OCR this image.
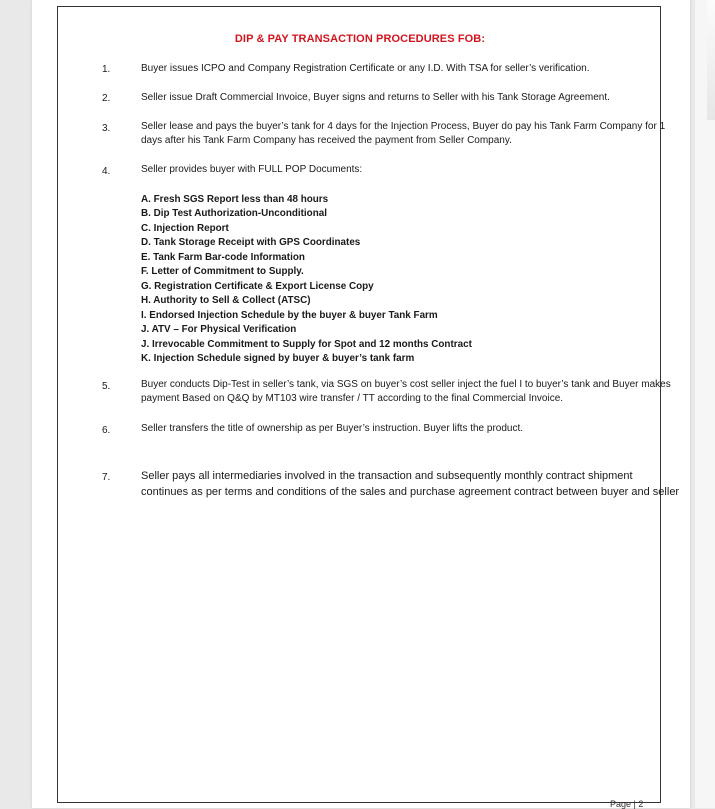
DIP & PAY TRANSACTION PROCEDURES FOB:
1.	Buyer issues ICPO and Company Registration Certificate or any I.D. With TSA for seller’s verification.
2.	Seller issue Draft Commercial Invoice, Buyer signs and returns to Seller with his Tank Storage Agreement.
3.	Seller lease and pays the buyer’s tank for 4 days for the Injection Process, Buyer do pay his Tank Farm Company for 1 days after his Tank Farm Company has received the payment from Seller Company.
4.	Seller provides buyer with FULL POP Documents:
A. Fresh SGS Report less than 48 hours
B. Dip Test Authorization-Unconditional
C. Injection Report
D. Tank Storage Receipt with GPS Coordinates
E. Tank Farm Bar-code Information
F. Letter of Commitment to Supply.
G. Registration Certificate & Export License Copy
H. Authority to Sell & Collect (ATSC)
I. Endorsed Injection Schedule by the buyer & buyer Tank Farm
J. ATV – For Physical Verification
J. Irrevocable Commitment to Supply for Spot and 12 months Contract
K. Injection Schedule signed by buyer & buyer’s tank farm
5.	Buyer conducts Dip-Test in seller’s tank, via SGS on buyer’s cost seller inject the fuel I to buyer’s tank and Buyer makes payment Based on Q&Q by MT103 wire transfer / TT according to the final Commercial Invoice.
6.	Seller transfers the title of ownership as per Buyer’s instruction. Buyer lifts the product.
7.	Seller pays all intermediaries involved in the transaction and subsequently monthly contract shipment continues as per terms and conditions of the sales and purchase agreement contract between buyer and seller
Page | 2
